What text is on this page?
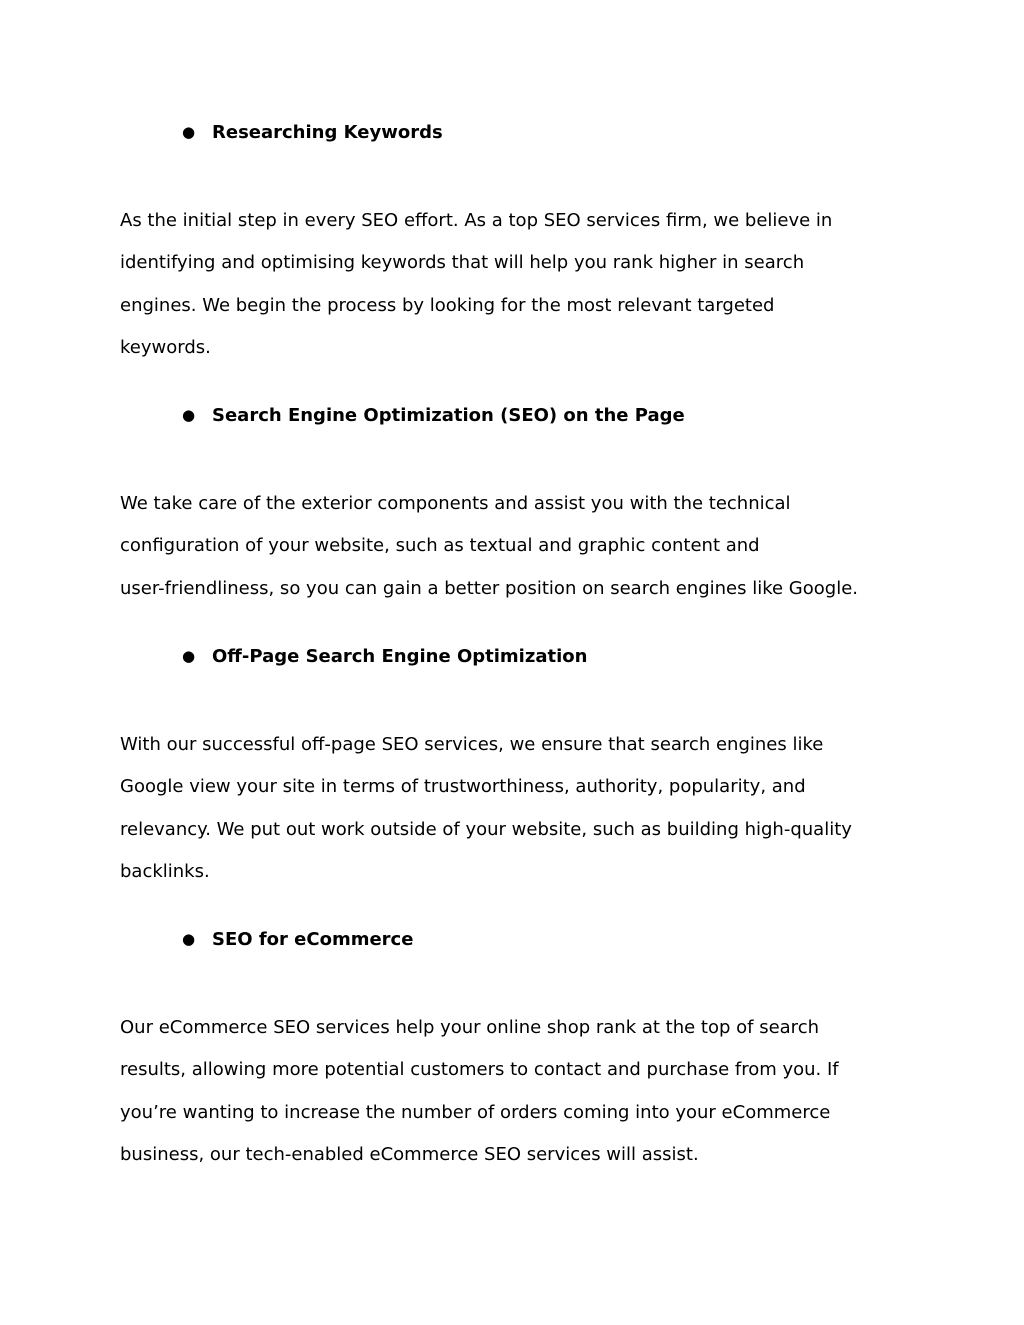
● Researching Keywords
As the initial step in every SEO effort. As a top SEO services firm, we believe in
identifying and optimising keywords that will help you rank higher in search
engines. We begin the process by looking for the most relevant targeted
keywords.
● Search Engine Optimization (SEO) on the Page
We take care of the exterior components and assist you with the technical
configuration of your website, such as textual and graphic content and
user-friendliness, so you can gain a better position on search engines like Google.
● Off-Page Search Engine Optimization
With our successful off-page SEO services, we ensure that search engines like
Google view your site in terms of trustworthiness, authority, popularity, and
relevancy. We put out work outside of your website, such as building high-quality
backlinks.
● SEO for eCommerce
Our eCommerce SEO services help your online shop rank at the top of search
results, allowing more potential customers to contact and purchase from you. If
you’re wanting to increase the number of orders coming into your eCommerce
business, our tech-enabled eCommerce SEO services will assist.
